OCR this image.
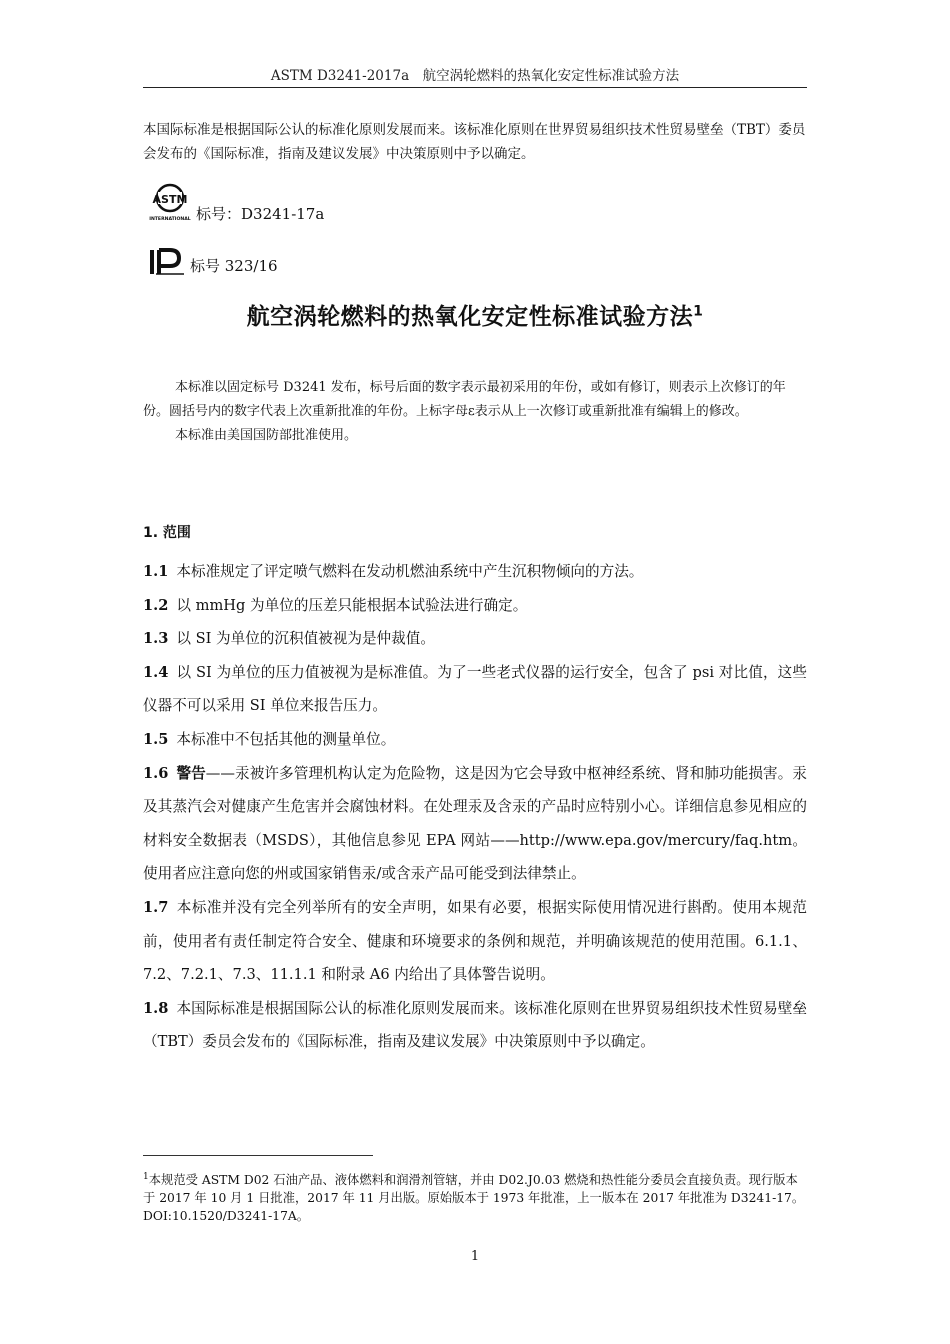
ASTM D3241-2017a　航空涡轮燃料的热氧化安定性标准试验方法
本国际标准是根据国际公认的标准化原则发展而来。该标准化原则在世界贸易组织技术性贸易壁垒（TBT）委员会发布的《国际标准，指南及建议发展》中决策原则中予以确定。
ASTM
INTERNATIONAL 标号：D3241-17a
标号 323/16
航空涡轮燃料的热氧化安定性标准试验方法$^1$

本标准以固定标号 D3241 发布，标号后面的数字表示最初采用的年份，或如有修订，则表示上次修订的年份。圆括号内的数字代表上次重新批准的年份。上标字母ε表示从上一次修订或重新批准有编辑上的修改。

本标准由美国国防部批准使用。

1. 范围

1.1 本标准规定了评定喷气燃料在发动机燃油系统中产生沉积物倾向的方法。

1.2 以 mmHg 为单位的压差只能根据本试验法进行确定。

1.3 以 SI 为单位的沉积值被视为是仲裁值。

1.4 以 SI 为单位的压力值被视为是标准值。为了一些老式仪器的运行安全，包含了 psi 对比值，这些仪器不可以采用 SI 单位来报告压力。

1.5 本标准中不包括其他的测量单位。

1.6 警告——汞被许多管理机构认定为危险物，这是因为它会导致中枢神经系统、肾和肺功能损害。汞及其蒸汽会对健康产生危害并会腐蚀材料。在处理汞及含汞的产品时应特别小心。详细信息参见相应的材料安全数据表（MSDS），其他信息参见 EPA 网站——http://www.epa.gov/mercury/faq.htm。使用者应注意向您的州或国家销售汞/或含汞产品可能受到法律禁止。

1.7 本标准并没有完全列举所有的安全声明，如果有必要，根据实际使用情况进行斟酌。使用本规范前，使用者有责任制定符合安全、健康和环境要求的条例和规范，并明确该规范的使用范围。6.1.1、7.2、7.2.1、7.3、11.1.1 和附录 A6 内给出了具体警告说明。

1.8 本国际标准是根据国际公认的标准化原则发展而来。该标准化原则在世界贸易组织技术性贸易壁垒（TBT）委员会发布的《国际标准，指南及建议发展》中决策原则中予以确定。

$^1$本规范受 ASTM D02 石油产品、液体燃料和润滑剂管辖，并由 D02.J0.03 燃烧和热性能分委员会直接负责。现行版本于 2017 年 10 月 1 日批准，2017 年 11 月出版。原始版本于 1973 年批准，上一版本在 2017 年批准为 D3241-17。DOI:10.1520/D3241-17A。
1
